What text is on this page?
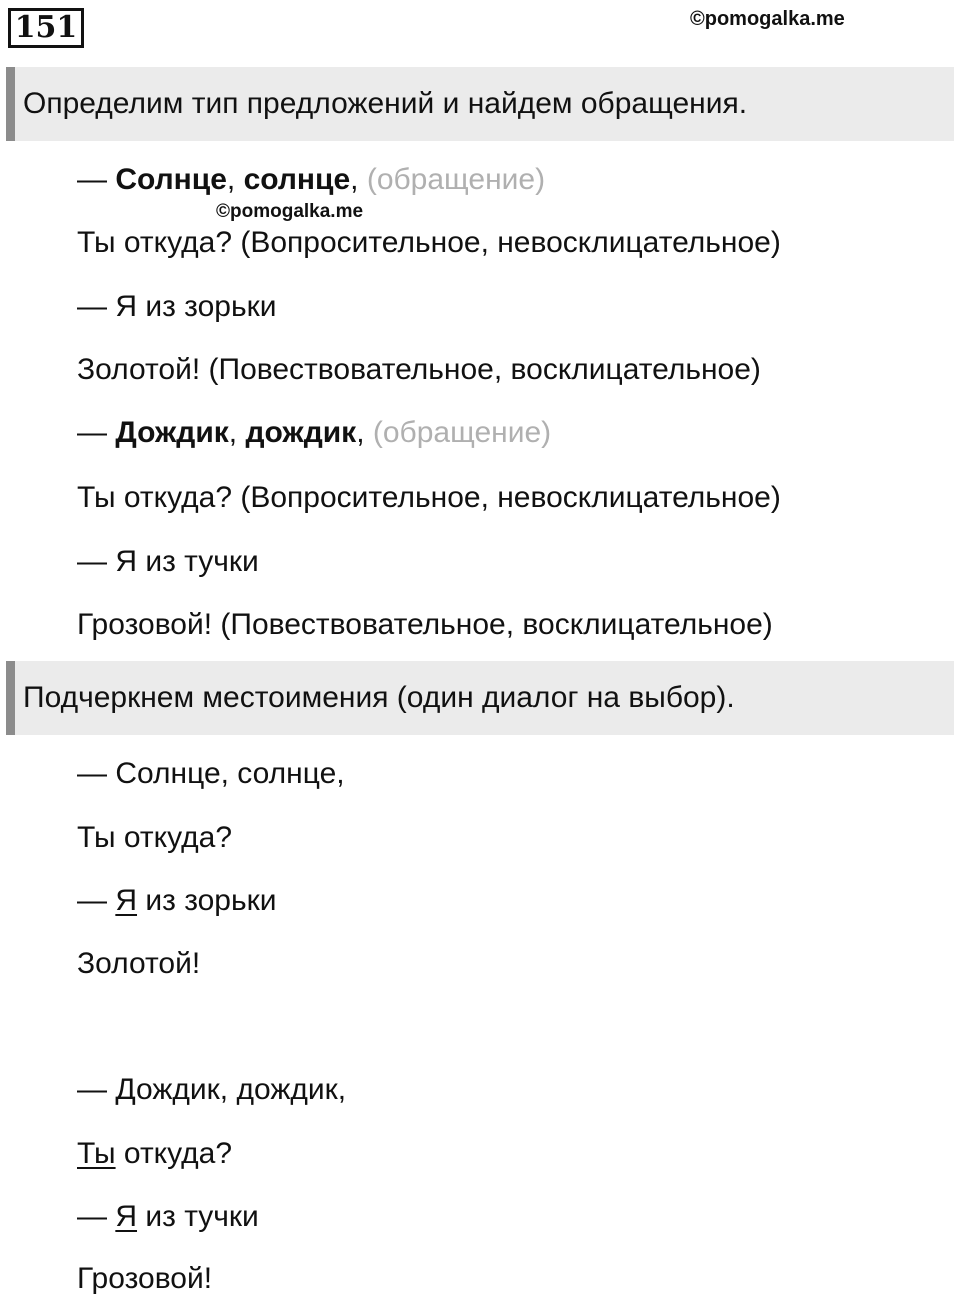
151	©pomogalka.me
Определим тип предложений и найдем обращения.
— Солнце, солнце, (обращение)
©pomogalka.me
Ты откуда? (Вопросительное, невосклицательное)
— Я из зорьки
Золотой! (Повествовательное, восклицательное)
— Дождик, дождик, (обращение)
Ты откуда? (Вопросительное, невосклицательное)
— Я из тучки
Грозовой! (Повествовательное, восклицательное)
Подчеркнем местоимения (один диалог на выбор).
— Солнце, солнце,
Ты откуда?
— Я из зорьки
Золотой!
— Дождик, дождик,
Ты откуда?
— Я из тучки
Грозовой!
